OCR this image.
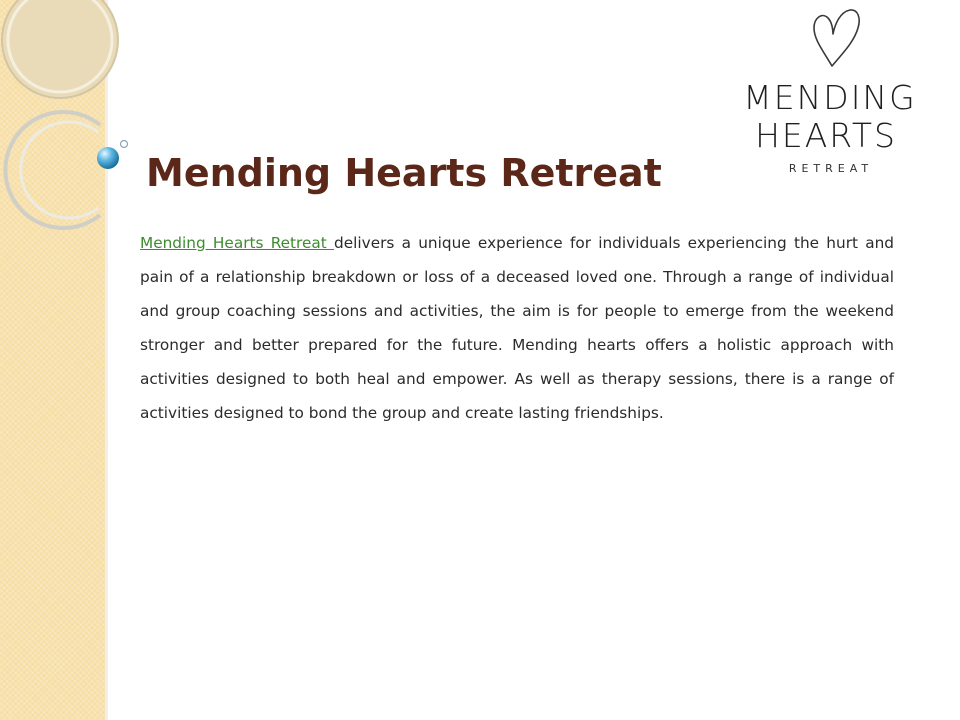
MENDING
HEARTS
RETREAT
Mending Hearts Retreat

Mending Hearts Retreat delivers a unique experience for individuals experiencing the hurt and pain of a relationship breakdown or loss of a deceased loved one. Through a range of individual and group coaching sessions and activities, the aim is for people to emerge from the weekend stronger and better prepared for the future. Mending hearts offers a holistic approach with activities designed to both heal and empower. As well as therapy sessions, there is a range of activities designed to bond the group and create lasting friendships.
